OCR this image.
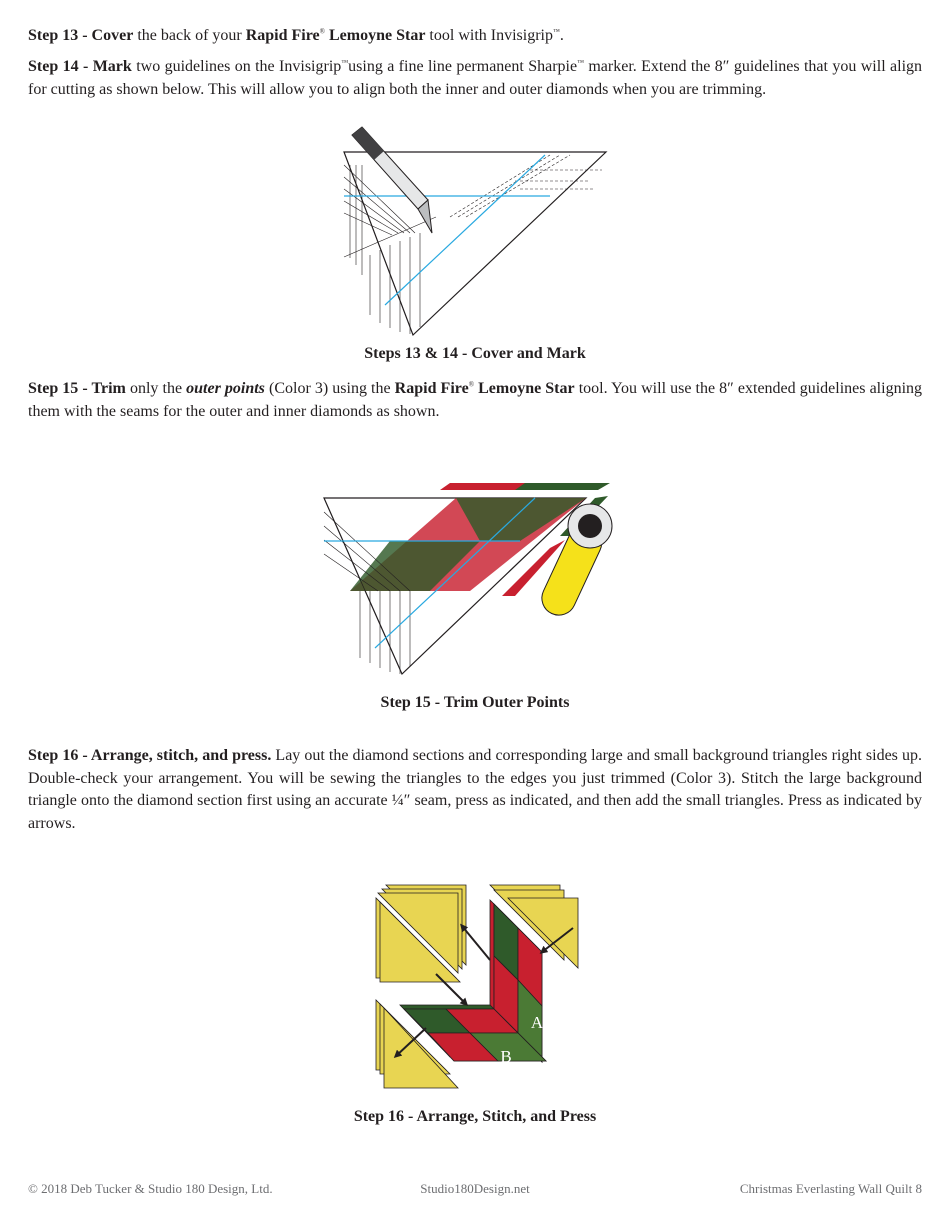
Step 13 - Cover the back of your Rapid Fire® Lemoyne Star tool with Invisigrip™.

Step 14 - Mark two guidelines on the Invisigrip™using a fine line permanent Sharpie™ marker. Extend the 8″ guidelines that you will align for cutting as shown below. This will allow you to align both the inner and outer diamonds when you are trimming.

Steps 13 & 14 - Cover and Mark

Step 15 - Trim only the outer points (Color 3) using the Rapid Fire® Lemoyne Star tool. You will use the 8″ extended guidelines aligning them with the seams for the outer and inner diamonds as shown.

Step 15 - Trim Outer Points

Step 16 - Arrange, stitch, and press. Lay out the diamond sections and corresponding large and small background triangles right sides up. Double-check your arrangement. You will be sewing the triangles to the edges you just trimmed (Color 3). Stitch the large background triangle onto the diamond section first using an accurate ¼″ seam, press as indicated, and then add the small triangles. Press as indicated by arrows.

A
B

Step 16 - Arrange, Stitch, and Press

© 2018 Deb Tucker & Studio 180 Design, Ltd.	Studio180Design.net	Christmas Everlasting Wall Quilt 8
